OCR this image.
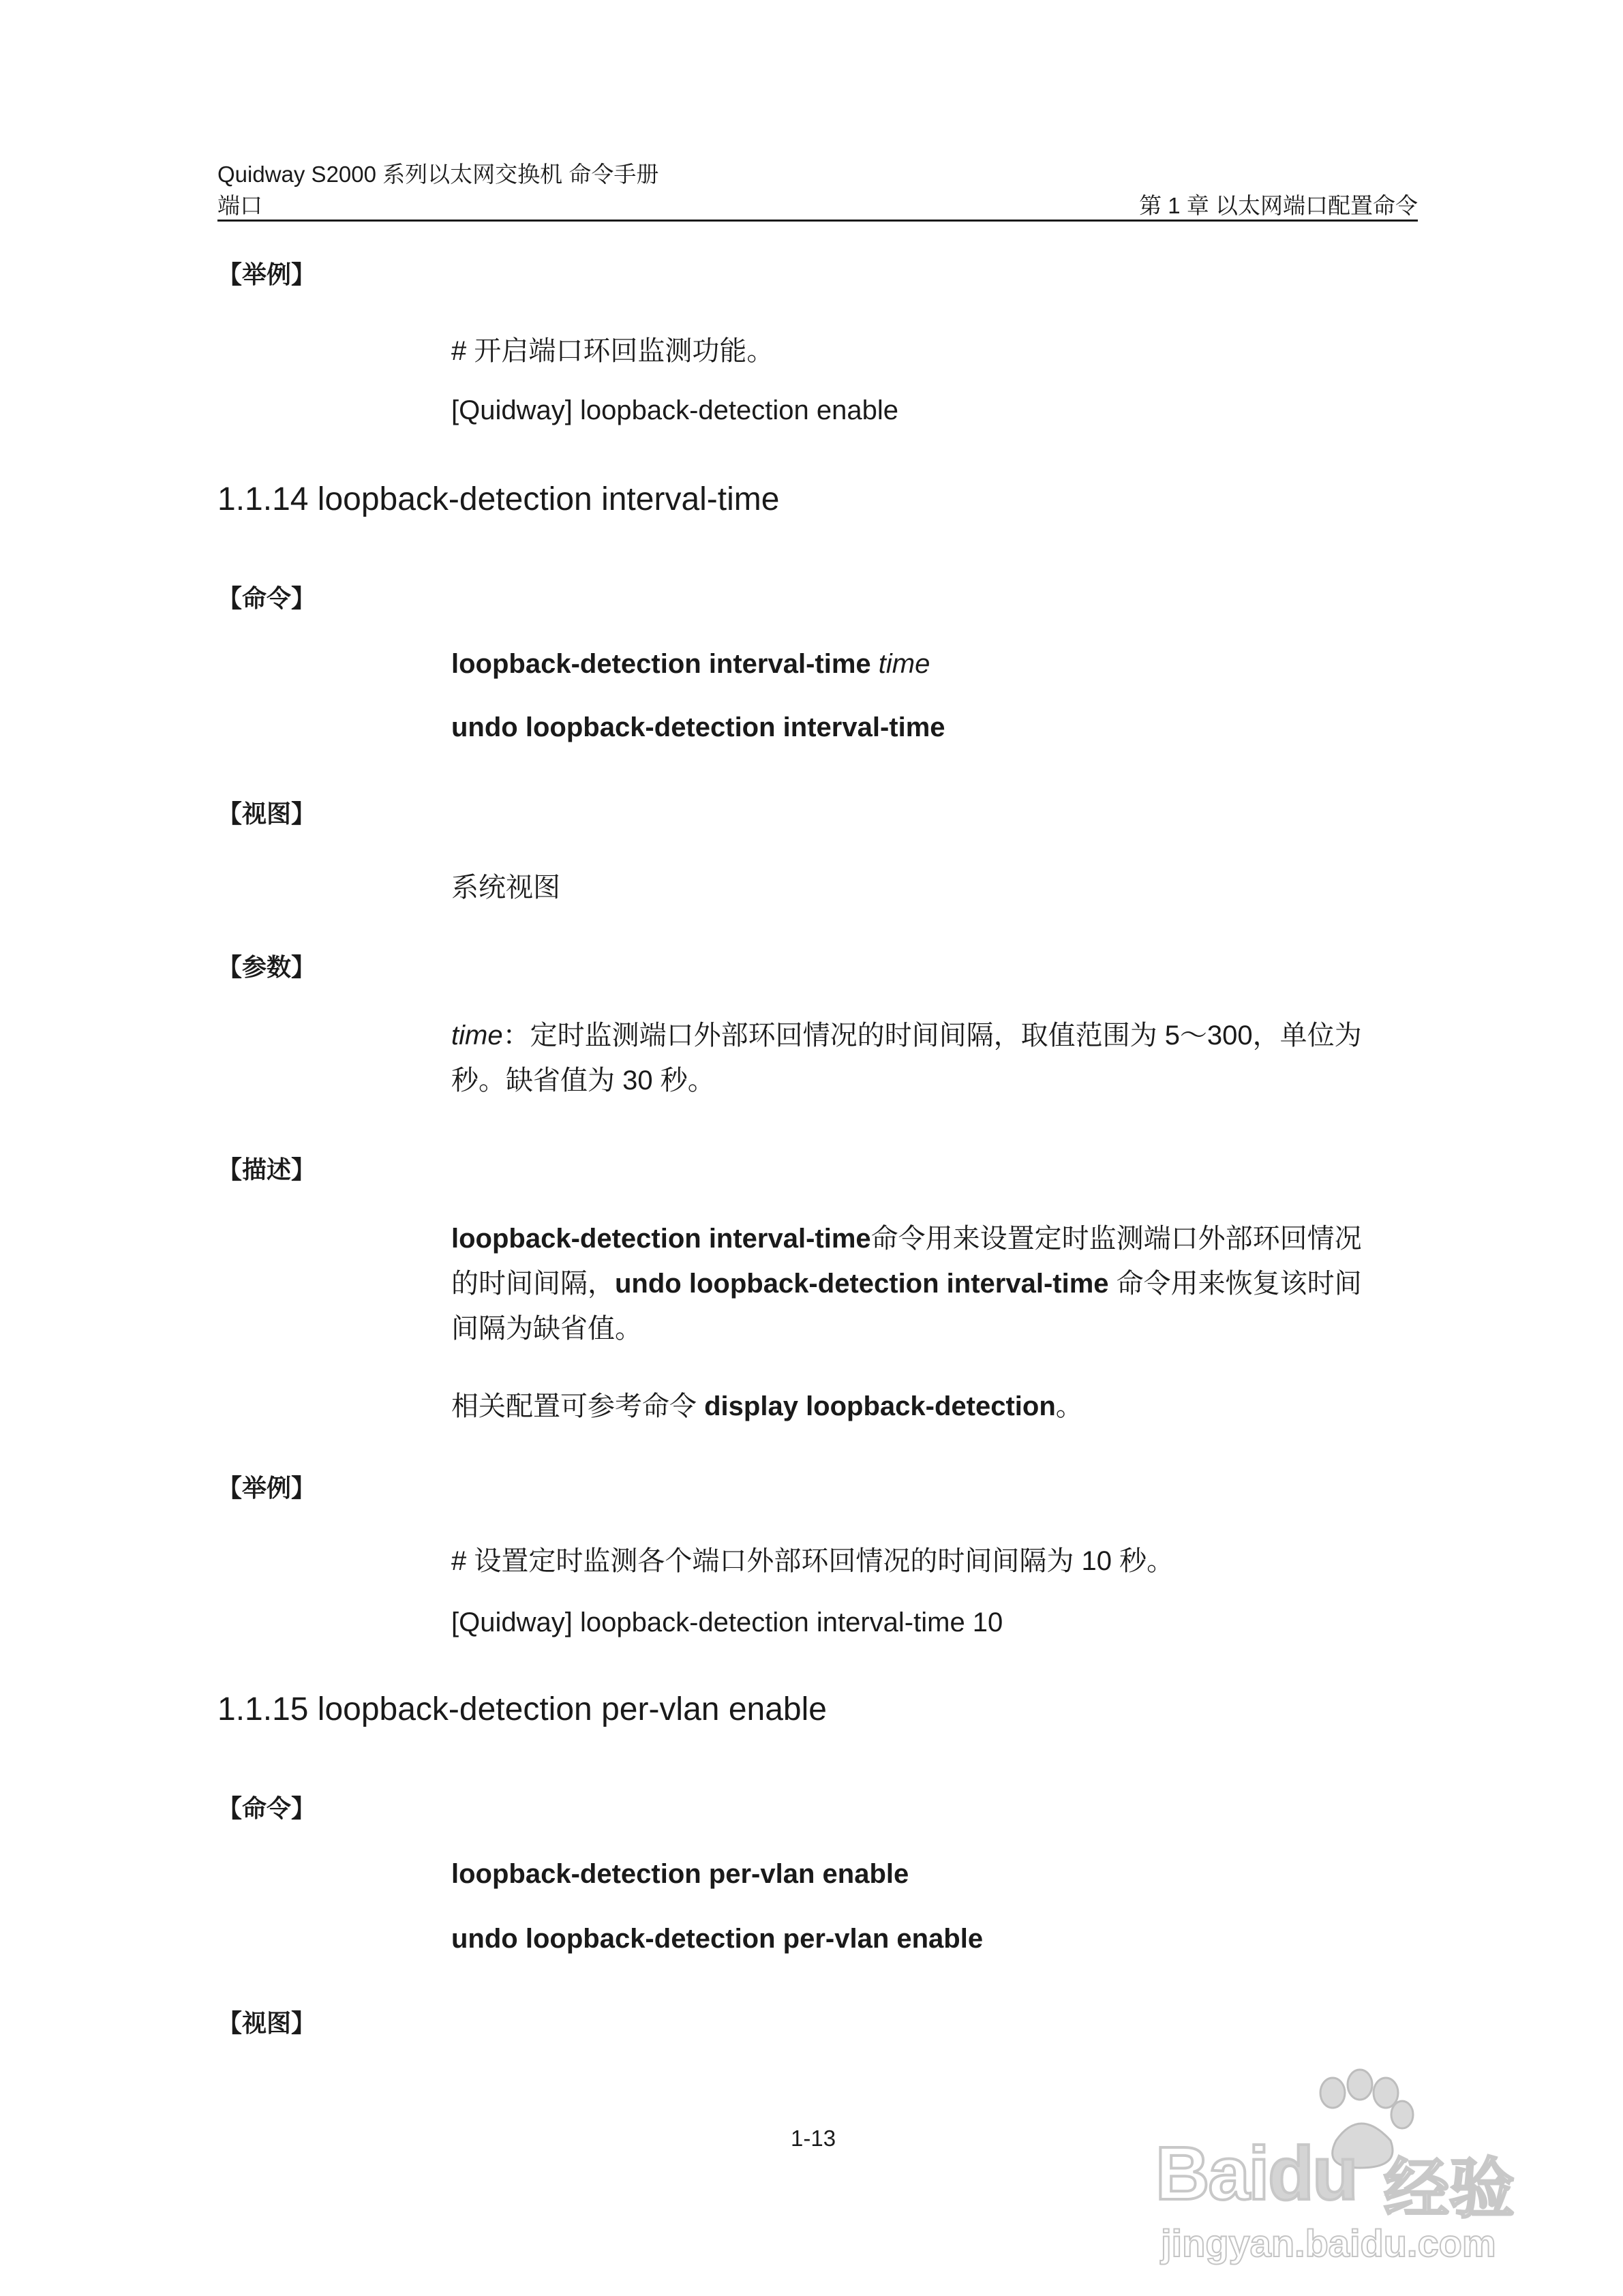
Quidway S2000 系列以太网交换机 命令手册
端口	第 1 章 以太网端口配置命令
【举例】
# 开启端口环回监测功能。
[Quidway] loopback-detection enable
1.1.14 loopback-detection interval-time
【命令】
loopback-detection interval-time time
undo loopback-detection interval-time
【视图】
系统视图
【参数】
time：定时监测端口外部环回情况的时间间隔，取值范围为 5～300，单位为
秒。缺省值为 30 秒。
【描述】
loopback-detection interval-time命令用来设置定时监测端口外部环回情况
的时间间隔，undo loopback-detection interval-time 命令用来恢复该时间
间隔为缺省值。
相关配置可参考命令 display loopback-detection。
【举例】
# 设置定时监测各个端口外部环回情况的时间间隔为 10 秒。
[Quidway] loopback-detection interval-time 10
1.1.15 loopback-detection per-vlan enable
【命令】
loopback-detection per-vlan enable
undo loopback-detection per-vlan enable
【视图】
1-13	Baidu 经验
jingyan.baidu.com
